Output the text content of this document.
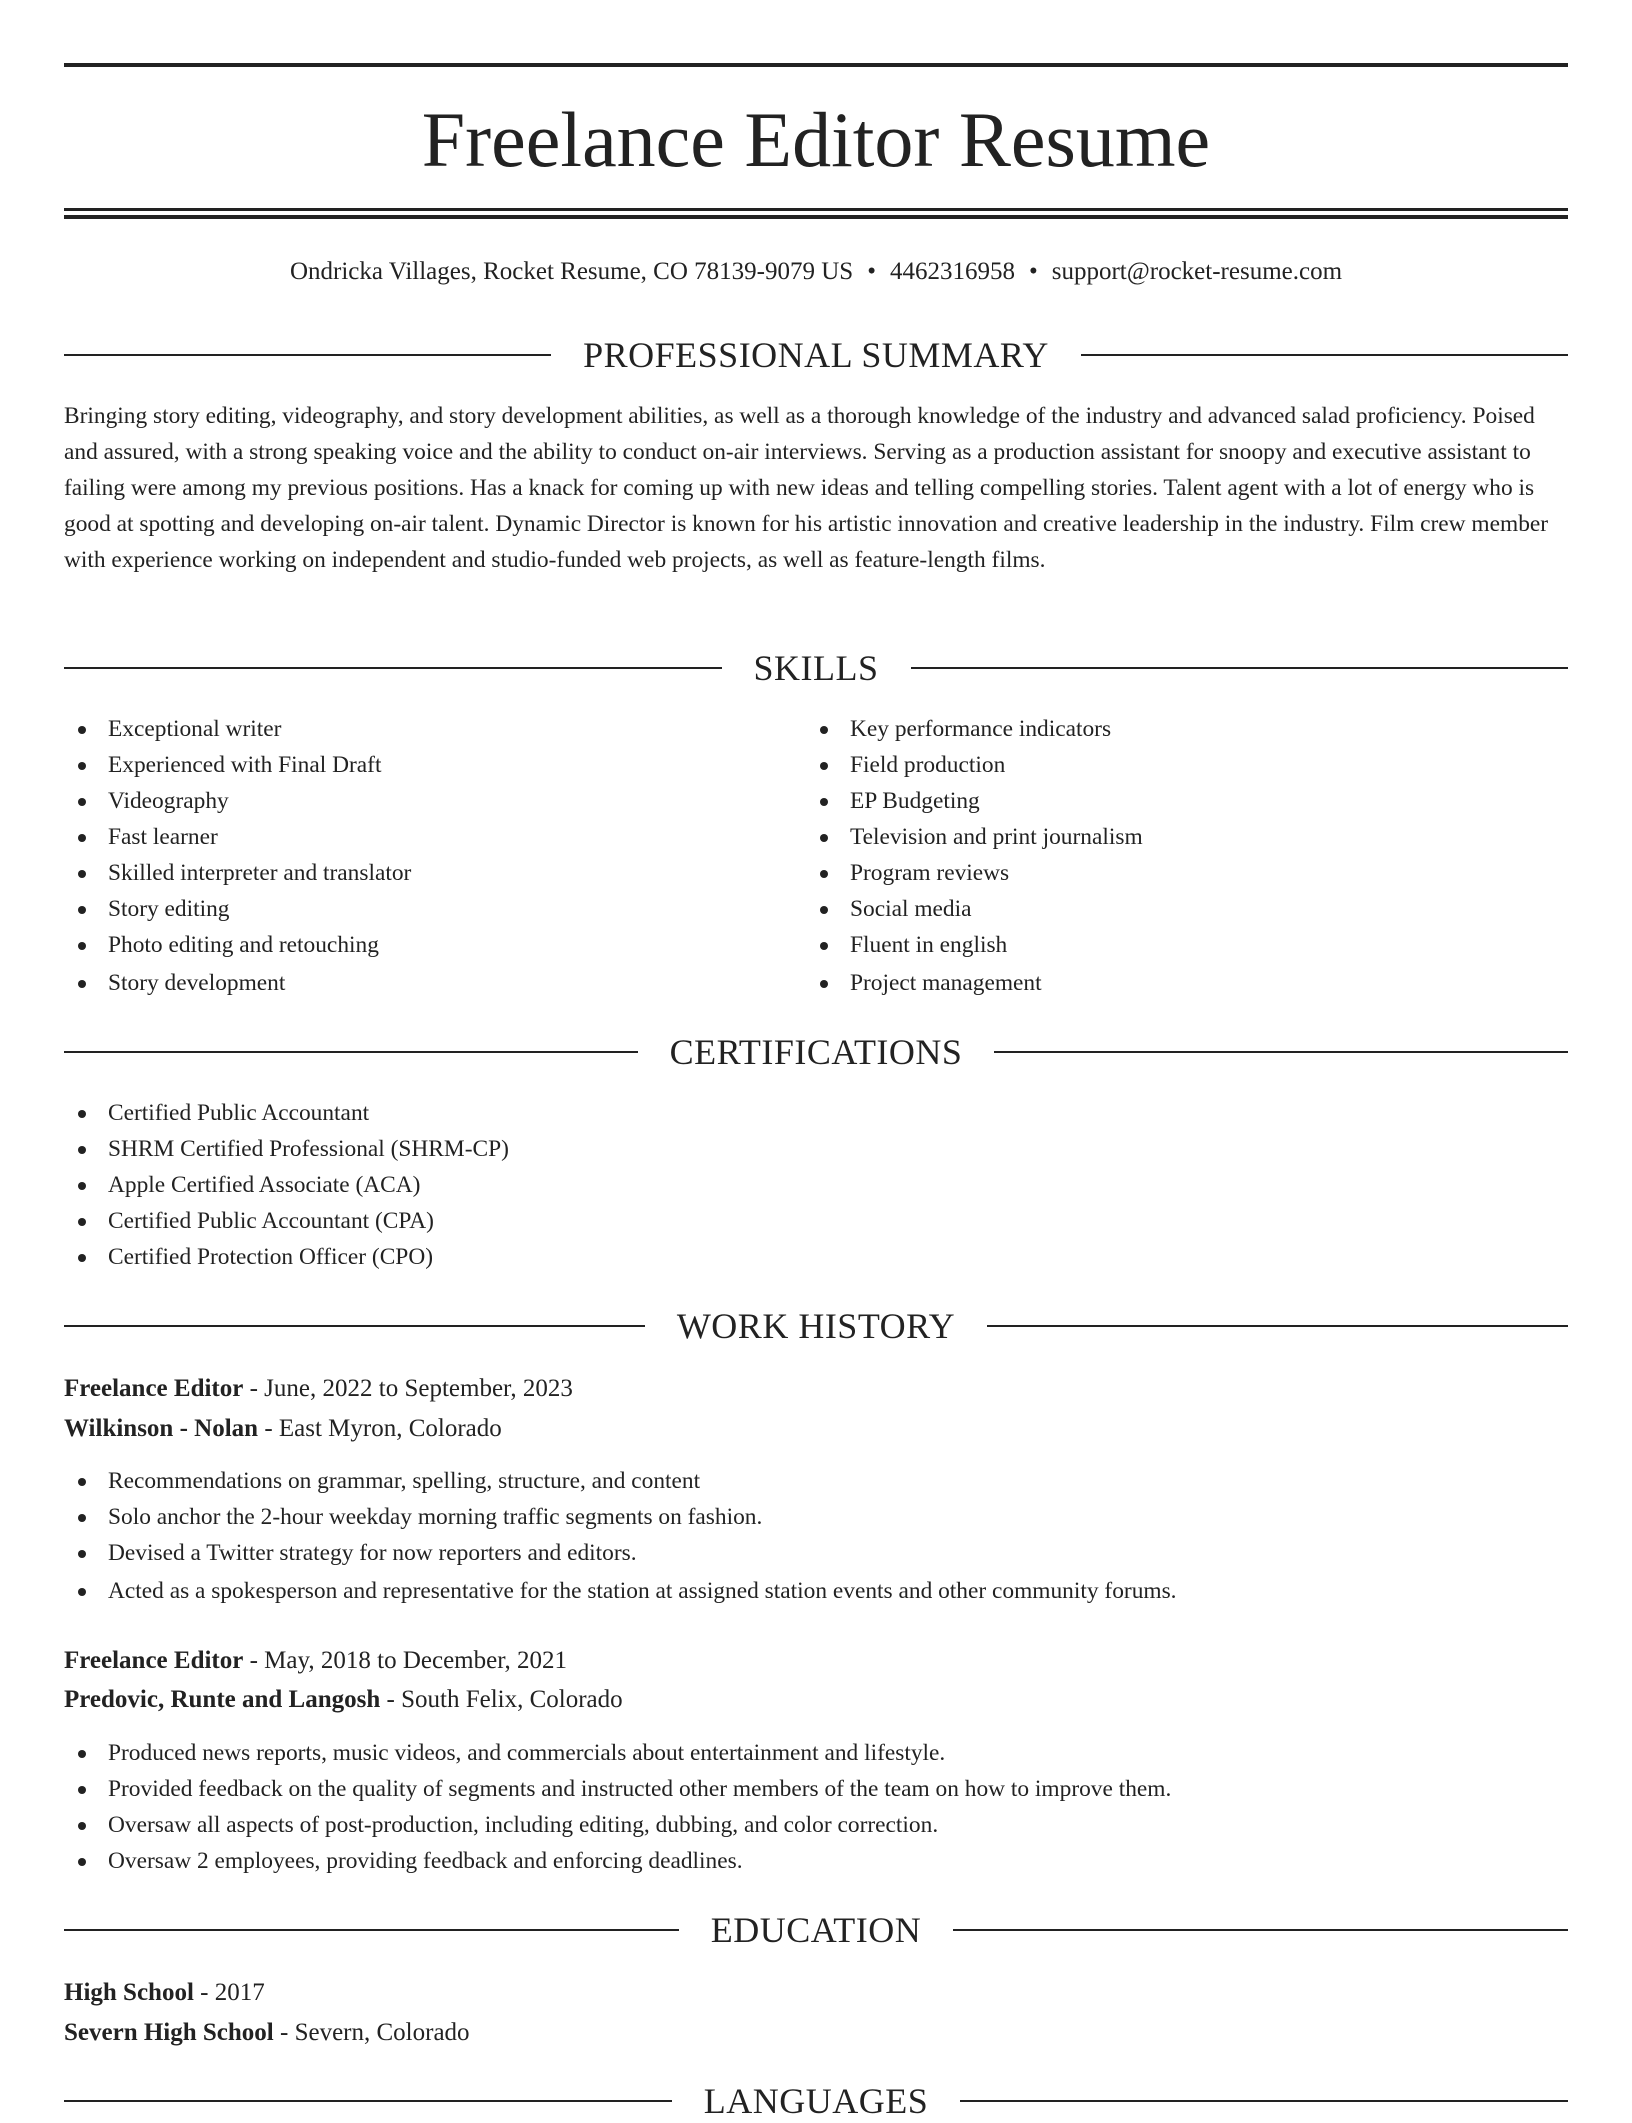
Freelance Editor Resume
Ondricka Villages, Rocket Resume, CO 78139-9079 US • 4462316958 • support@rocket-resume.com
PROFESSIONAL SUMMARY

Bringing story editing, videography, and story development abilities, as well as a thorough knowledge of the industry and advanced salad proficiency. Poised and assured, with a strong speaking voice and the ability to conduct on-air interviews. Serving as a production assistant for snoopy and executive assistant to failing were among my previous positions. Has a knack for coming up with new ideas and telling compelling stories. Talent agent with a lot of energy who is good at spotting and developing on-air talent. Dynamic Director is known for his artistic innovation and creative leadership in the industry. Film crew member with experience working on independent and studio-funded web projects, as well as feature-length films.

SKILLS
Exceptional writer
Experienced with Final Draft
Videography
Fast learner
Skilled interpreter and translator
Story editing
Photo editing and retouching
Story development
Key performance indicators
Field production
EP Budgeting
Television and print journalism
Program reviews
Social media
Fluent in english
Project management
CERTIFICATIONS
Certified Public Accountant
SHRM Certified Professional (SHRM-CP)
Apple Certified Associate (ACA)
Certified Public Accountant (CPA)
Certified Protection Officer (CPO)
WORK HISTORY
Freelance Editor - June, 2022 to September, 2023
Wilkinson - Nolan - East Myron, Colorado
Recommendations on grammar, spelling, structure, and content
Solo anchor the 2-hour weekday morning traffic segments on fashion.
Devised a Twitter strategy for now reporters and editors.
Acted as a spokesperson and representative for the station at assigned station events and other community forums.
Freelance Editor - May, 2018 to December, 2021
Predovic, Runte and Langosh - South Felix, Colorado
Produced news reports, music videos, and commercials about entertainment and lifestyle.
Provided feedback on the quality of segments and instructed other members of the team on how to improve them.
Oversaw all aspects of post-production, including editing, dubbing, and color correction.
Oversaw 2 employees, providing feedback and enforcing deadlines.
EDUCATION
High School - 2017
Severn High School - Severn, Colorado
LANGUAGES
